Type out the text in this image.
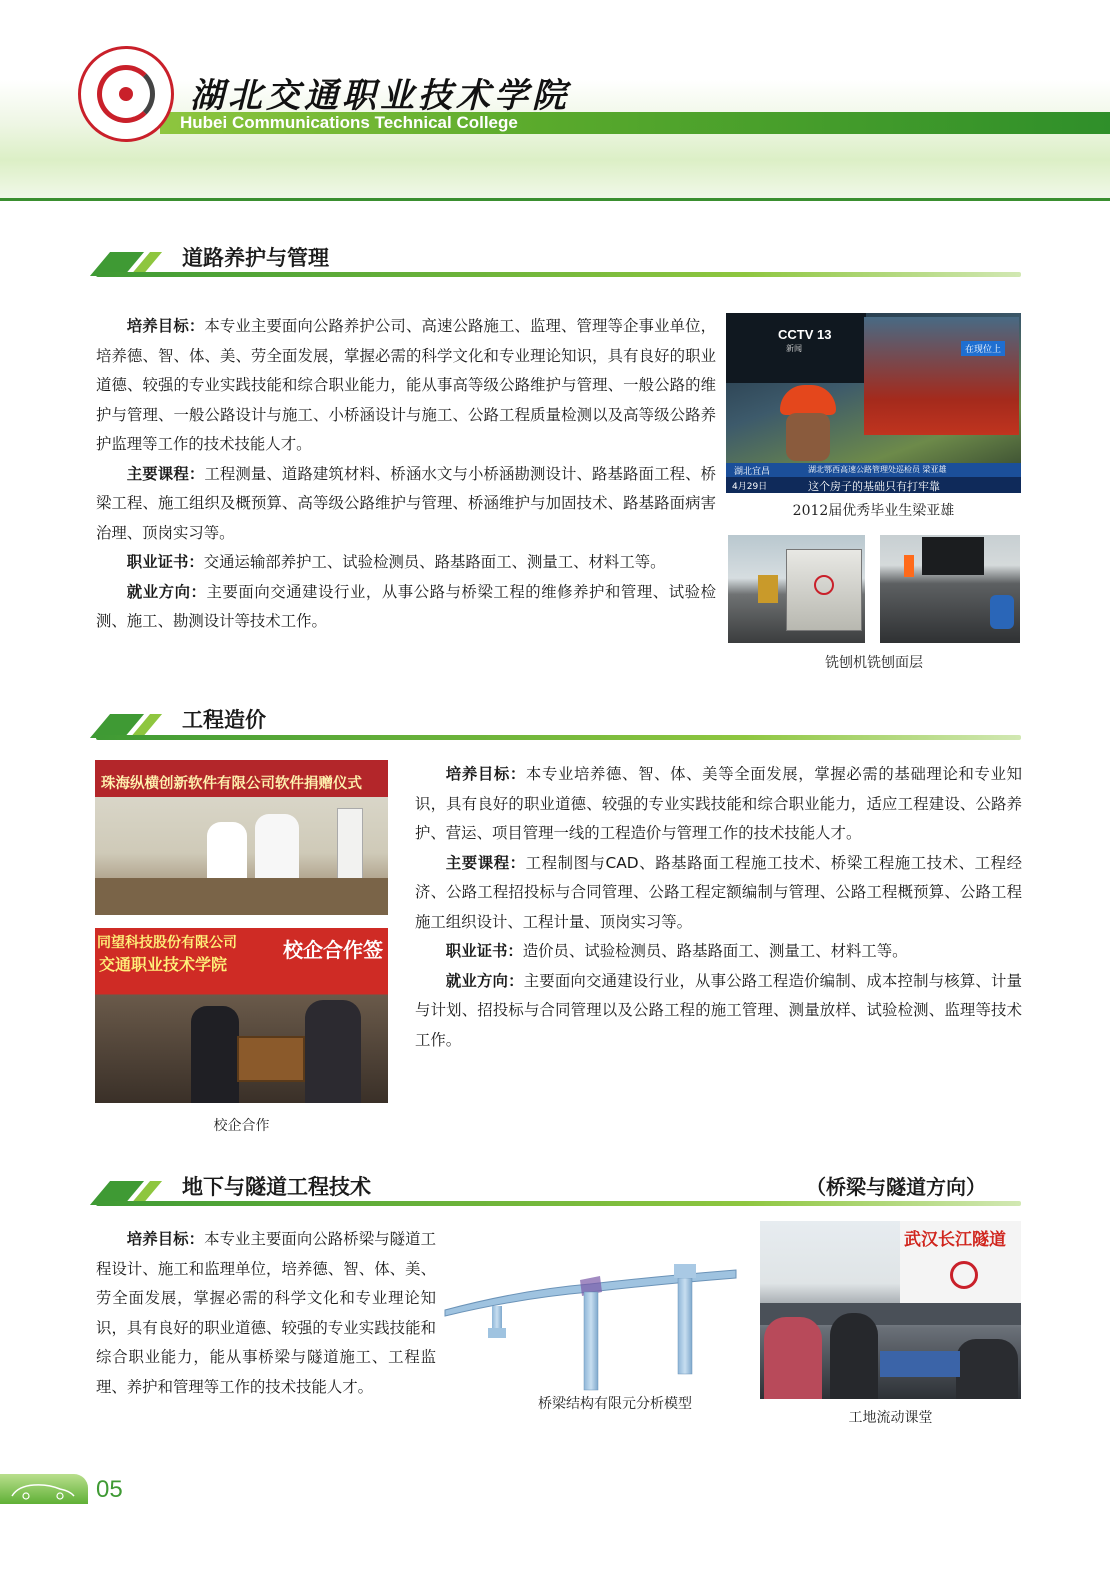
湖北交通职业技术学院
Hubei Communications Technical College
道路养护与管理

培养目标：本专业主要面向公路养护公司、高速公路施工、监理、管理等企事业单位，培养德、智、体、美、劳全面发展，掌握必需的科学文化和专业理论知识，具有良好的职业道德、较强的专业实践技能和综合职业能力，能从事高等级公路维护与管理、一般公路的维护与管理、一般公路设计与施工、小桥涵设计与施工、公路工程质量检测以及高等级公路养护监理等工作的技术技能人才。

主要课程：工程测量、道路建筑材料、桥涵水文与小桥涵勘测设计、路基路面工程、桥梁工程、施工组织及概预算、高等级公路维护与管理、桥涵维护与加固技术、路基路面病害治理、顶岗实习等。

职业证书：交通运输部养护工、试验检测员、路基路面工、测量工、材料工等。

就业方向：主要面向交通建设行业，从事公路与桥梁工程的维修养护和管理、试验检测、施工、勘测设计等技术工作。

CCTV 13
新闻	在现位上
湖北宜昌	湖北鄂西高速公路管理处巡检员 梁亚雄
4月29日	这个房子的基础只有打牢靠
2012届优秀毕业生梁亚雄
铣刨机铣刨面层
工程造价
珠海纵横创新软件有限公司软件捐赠仪式
同望科技股份有限公司
交通职业技术学院
校企合作签
校企合作

培养目标：本专业培养德、智、体、美等全面发展，掌握必需的基础理论和专业知识，具有良好的职业道德、较强的专业实践技能和综合职业能力，适应工程建设、公路养护、营运、项目管理一线的工程造价与管理工作的技术技能人才。

主要课程：工程制图与CAD、路基路面工程施工技术、桥梁工程施工技术、工程经济、公路工程招投标与合同管理、公路工程定额编制与管理、公路工程概预算、公路工程施工组织设计、工程计量、顶岗实习等。

职业证书：造价员、试验检测员、路基路面工、测量工、材料工等。

就业方向：主要面向交通建设行业，从事公路工程造价编制、成本控制与核算、计量与计划、招投标与合同管理以及公路工程的施工管理、测量放样、试验检测、监理等技术工作。

地下与隧道工程技术	（桥梁与隧道方向）

培养目标：本专业主要面向公路桥梁与隧道工程设计、施工和监理单位，培养德、智、体、美、劳全面发展，掌握必需的科学文化和专业理论知识，具有良好的职业道德、较强的专业实践技能和综合职业能力，能从事桥梁与隧道施工、工程监理、养护和管理等工作的技术技能人才。

桥梁结构有限元分析模型
武汉长江隧道
工地流动课堂
05
